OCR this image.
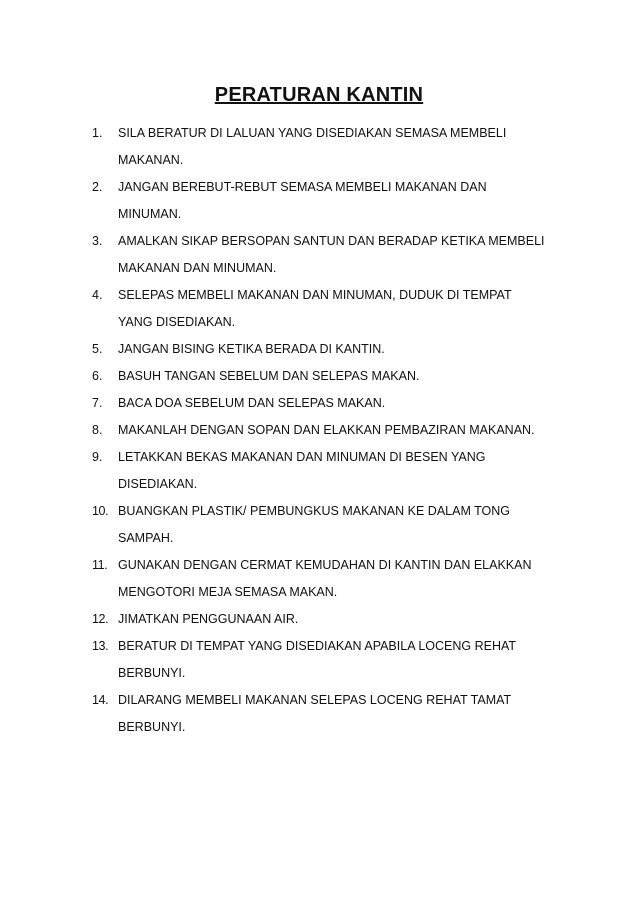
PERATURAN KANTIN
1. SILA BERATUR DI LALUAN YANG DISEDIAKAN SEMASA MEMBELI
MAKANAN.
2. JANGAN BEREBUT-REBUT SEMASA MEMBELI MAKANAN DAN
MINUMAN.
3. AMALKAN SIKAP BERSOPAN SANTUN DAN BERADAP KETIKA MEMBELI
MAKANAN DAN MINUMAN.
4. SELEPAS MEMBELI MAKANAN DAN MINUMAN, DUDUK DI TEMPAT
YANG DISEDIAKAN.
5. JANGAN BISING KETIKA BERADA DI KANTIN.
6. BASUH TANGAN SEBELUM DAN SELEPAS MAKAN.
7. BACA DOA SEBELUM DAN SELEPAS MAKAN.
8. MAKANLAH DENGAN SOPAN DAN ELAKKAN PEMBAZIRAN MAKANAN.
9. LETAKKAN BEKAS MAKANAN DAN MINUMAN DI BESEN YANG
DISEDIAKAN.
10. BUANGKAN PLASTIK/ PEMBUNGKUS MAKANAN KE DALAM TONG
SAMPAH.
11. GUNAKAN DENGAN CERMAT KEMUDAHAN DI KANTIN DAN ELAKKAN
MENGOTORI MEJA SEMASA MAKAN.
12. JIMATKAN PENGGUNAAN AIR.
13. BERATUR DI TEMPAT YANG DISEDIAKAN APABILA LOCENG REHAT
BERBUNYI.
14. DILARANG MEMBELI MAKANAN SELEPAS LOCENG REHAT TAMAT
BERBUNYI.
